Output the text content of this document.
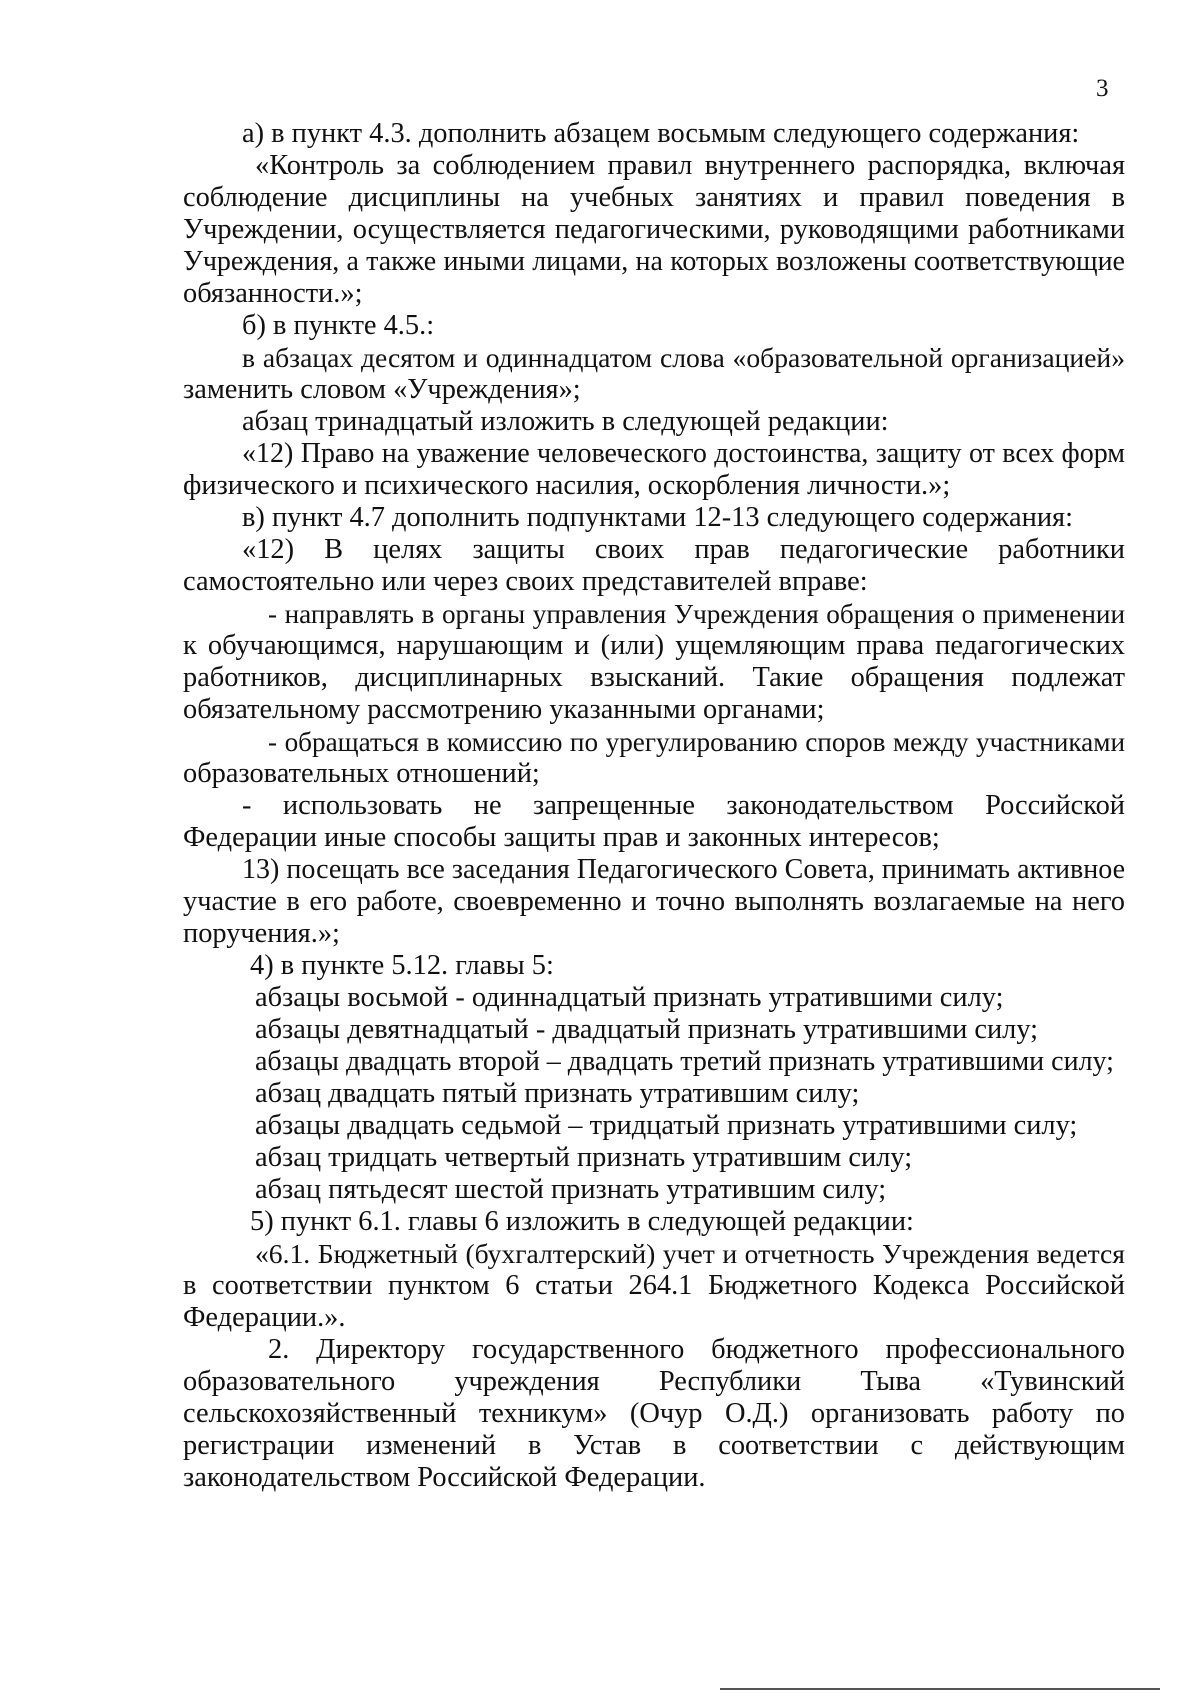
3
а) в пункт 4.3. дополнить абзацем восьмым следующего содержания:
«Контроль за соблюдением правил внутреннего распорядка, включая
соблюдение дисциплины на учебных занятиях и правил поведения в
Учреждении, осуществляется педагогическими, руководящими работниками
Учреждения, а также иными лицами, на которых возложены соответствующие
обязанности.»;
б) в пункте 4.5.:
в абзацах десятом и одиннадцатом слова «образовательной организацией»
заменить словом «Учреждения»;
абзац тринадцатый изложить в следующей редакции:
«12) Право на уважение человеческого достоинства, защиту от всех форм
физического и психического насилия, оскорбления личности.»;
в) пункт 4.7 дополнить подпунктами 12-13 следующего содержания:
«12) В целях защиты своих прав педагогические работники
самостоятельно или через своих представителей вправе:
- направлять в органы управления Учреждения обращения о применении
к обучающимся, нарушающим и (или) ущемляющим права педагогических
работников, дисциплинарных взысканий. Такие обращения подлежат
обязательному рассмотрению указанными органами;
- обращаться в комиссию по урегулированию споров между участниками
образовательных отношений;
- использовать не запрещенные законодательством Российской
Федерации иные способы защиты прав и законных интересов;
13) посещать все заседания Педагогического Совета, принимать активное
участие в его работе, своевременно и точно выполнять возлагаемые на него
поручения.»;
4) в пункте 5.12. главы 5:
абзацы восьмой - одиннадцатый признать утратившими силу;
абзацы девятнадцатый - двадцатый признать утратившими силу;
абзацы двадцать второй – двадцать третий признать утратившими силу;
абзац двадцать пятый признать утратившим силу;
абзацы двадцать седьмой – тридцатый признать утратившими силу;
абзац тридцать четвертый признать утратившим силу;
абзац пятьдесят шестой признать утратившим силу;
5) пункт 6.1. главы 6 изложить в следующей редакции:
«6.1. Бюджетный (бухгалтерский) учет и отчетность Учреждения ведется
в соответствии пунктом 6 статьи 264.1 Бюджетного Кодекса Российской
Федерации.».
2. Директору государственного бюджетного профессионального
образовательного учреждения Республики Тыва «Тувинский
сельскохозяйственный техникум» (Очур О.Д.) организовать работу по
регистрации изменений в Устав в соответствии с действующим
законодательством Российской Федерации.
